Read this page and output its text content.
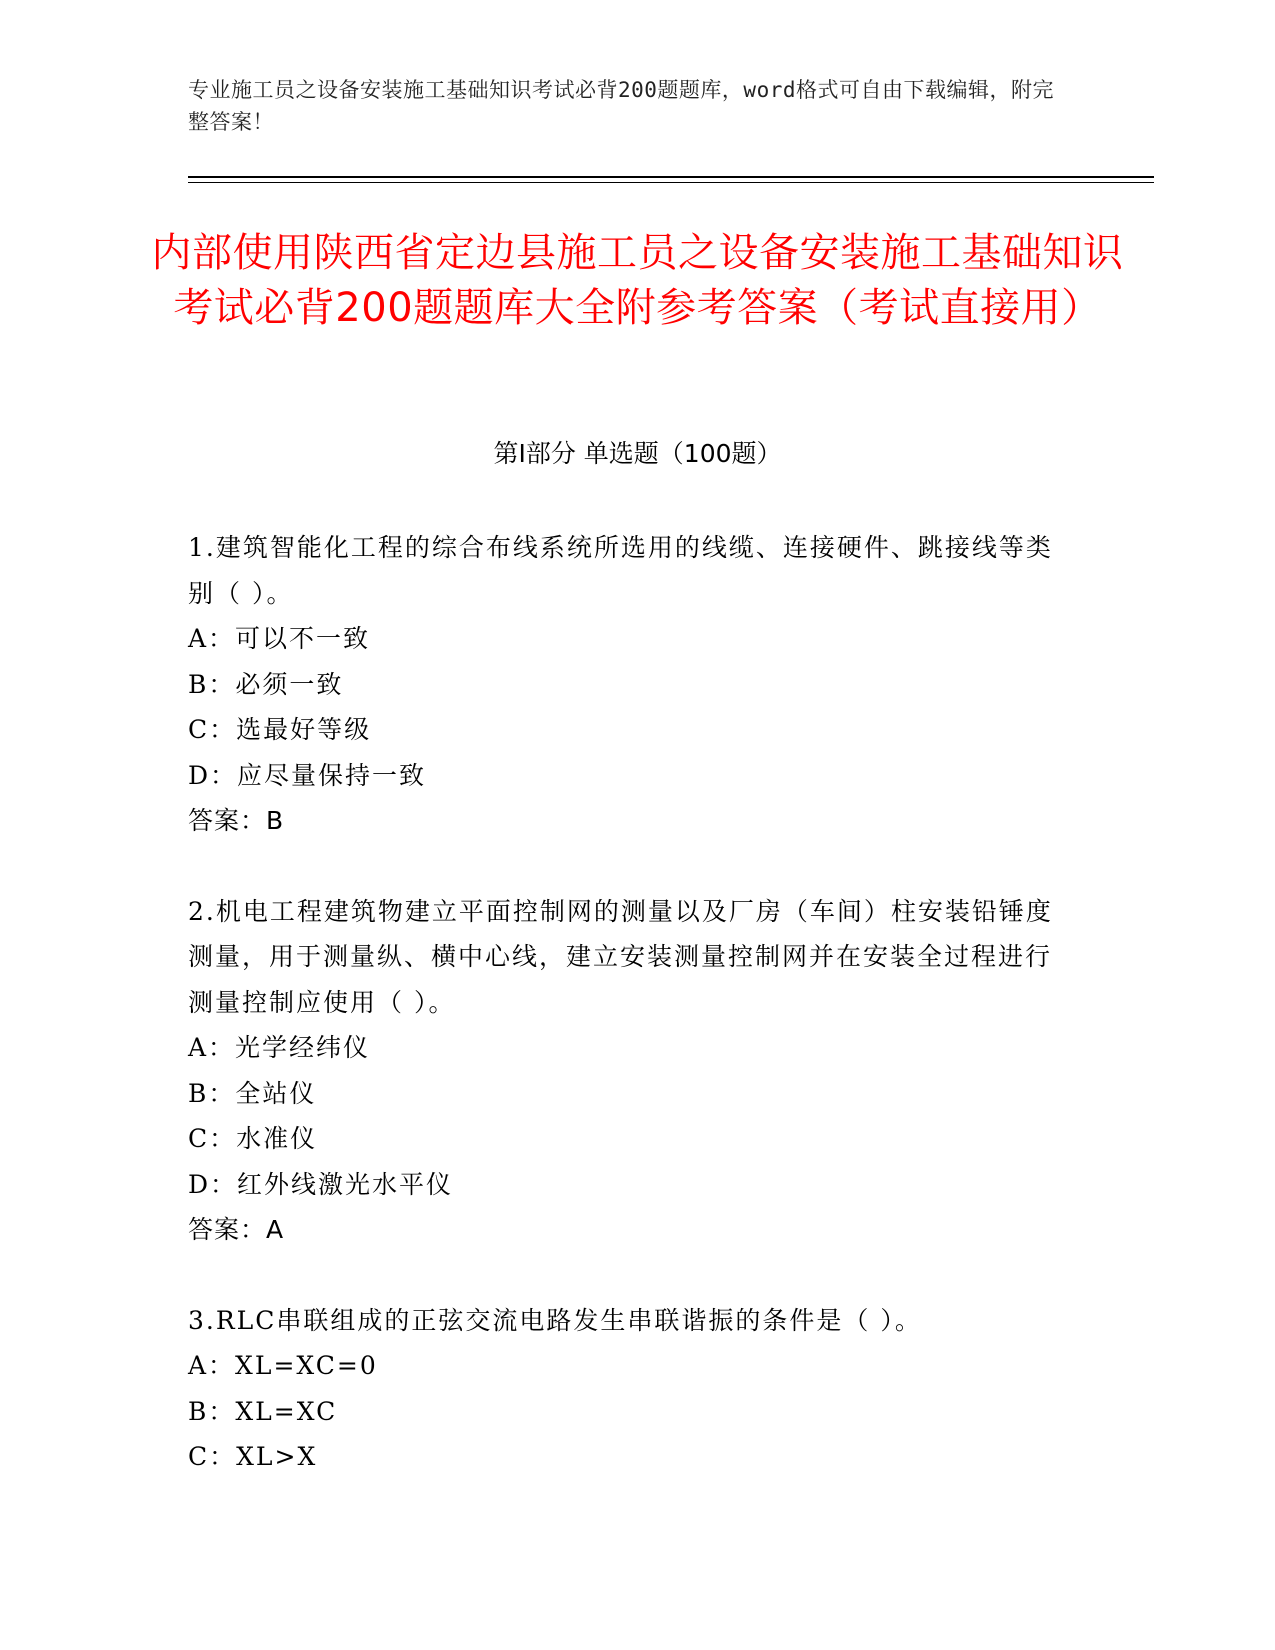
专业施工员之设备安装施工基础知识考试必背200题题库，word格式可自由下载编辑，附完整答案！
内部使用陕西省定边县施工员之设备安装施工基础知识考试必背200题题库大全附参考答案（考试直接用）
第Ⅰ部分 单选题（100题）
1.建筑智能化工程的综合布线系统所选用的线缆、连接硬件、跳接线等类别（ ）。
A：可以不一致
B：必须一致
C：选最好等级
D：应尽量保持一致
答案：B
2.机电工程建筑物建立平面控制网的测量以及厂房（车间）柱安装铅锤度测量，用于测量纵、横中心线，建立安装测量控制网并在安装全过程进行测量控制应使用（ ）。
A：光学经纬仪
B：全站仪
C：水准仪
D：红外线激光水平仪
答案：A
3.RLC串联组成的正弦交流电路发生串联谐振的条件是（ ）。
A：XL=XC=0
B：XL=XC
C：XL>X
